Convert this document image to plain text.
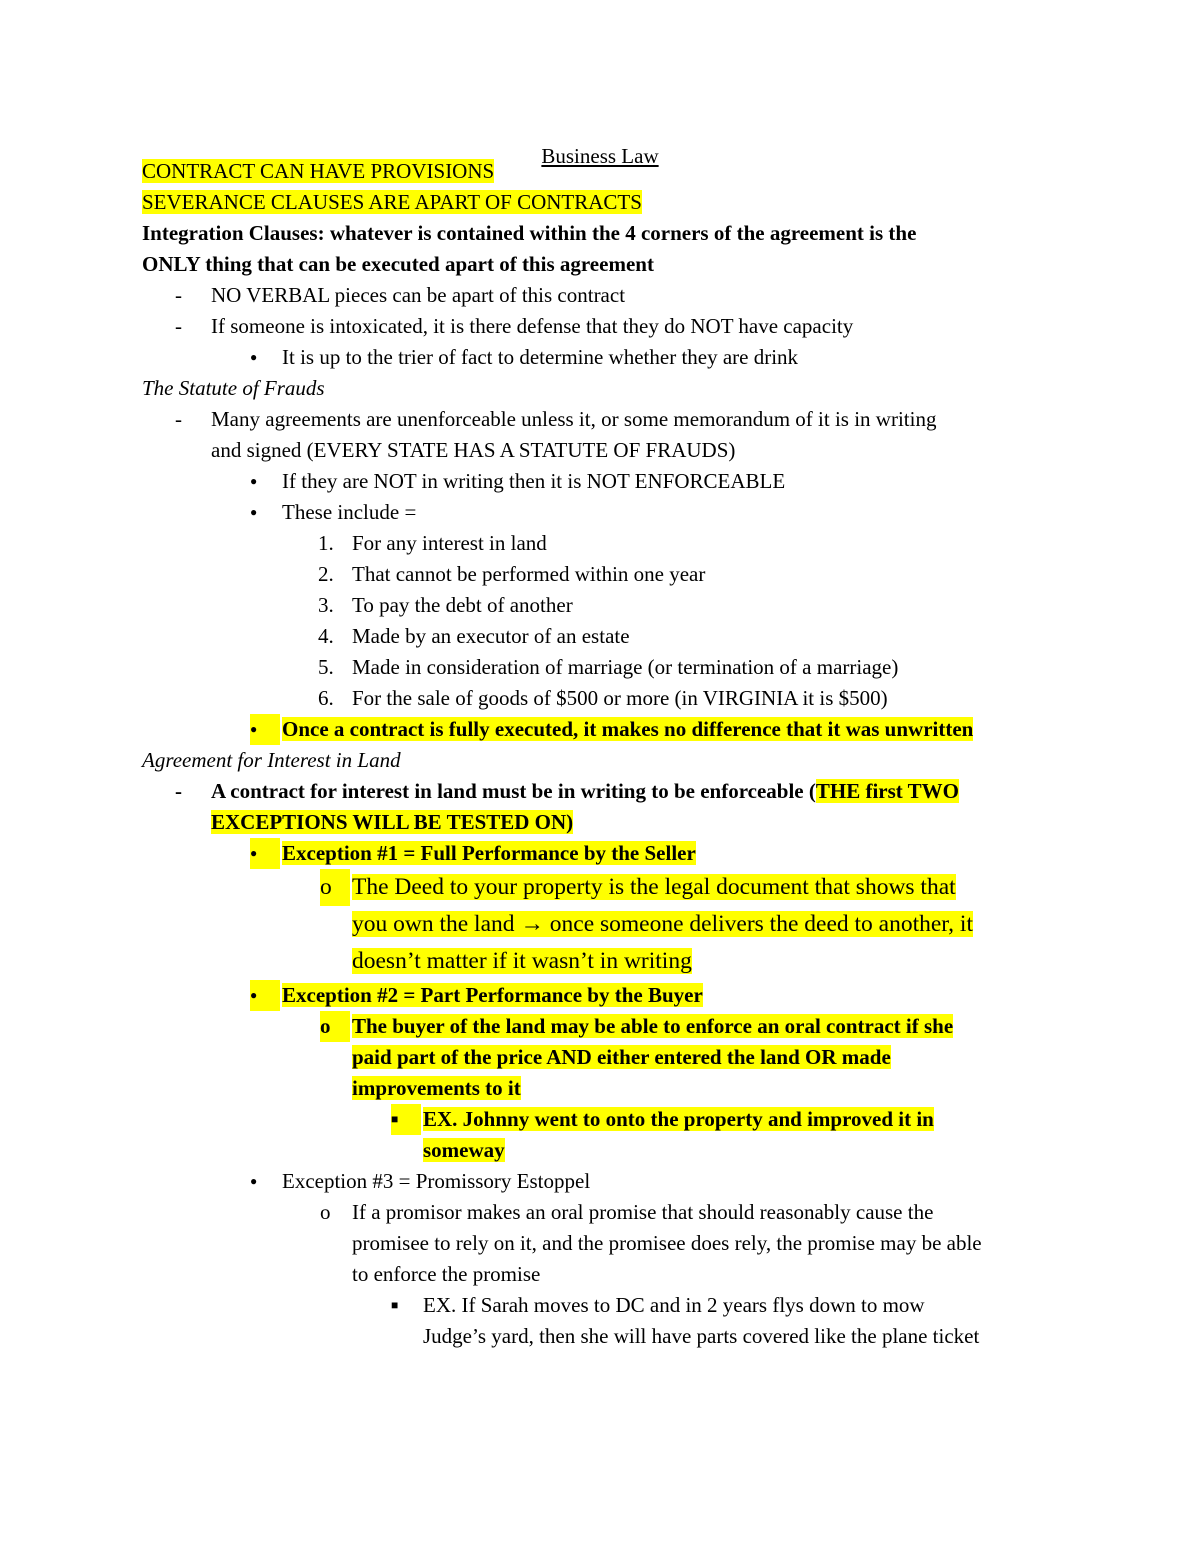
Business Law
CONTRACT CAN HAVE PROVISIONS
SEVERANCE CLAUSES ARE APART OF CONTRACTS
Integration Clauses: whatever is contained within the 4 corners of the agreement is the
ONLY thing that can be executed apart of this agreement
-
NO VERBAL pieces can be apart of this contract
-
If someone is intoxicated, it is there defense that they do NOT have capacity
●
It is up to the trier of fact to determine whether they are drink
The Statute of Frauds
-
Many agreements are unenforceable unless it, or some memorandum of it is in writing
and signed (EVERY STATE HAS A STATUTE OF FRAUDS)
●
If they are NOT in writing then it is NOT ENFORCEABLE
●
These include =
1. For any interest in land
2. That cannot be performed within one year
3. To pay the debt of another
4. Made by an executor of an estate
5. Made in consideration of marriage (or termination of a marriage)
6. For the sale of goods of $500 or more (in VIRGINIA it is $500)
●
Once a contract is fully executed, it makes no difference that it was unwritten
Agreement for Interest in Land
-
A contract for interest in land must be in writing to be enforceable (THE first TWO
EXCEPTIONS WILL BE TESTED ON)
●
Exception #1 = Full Performance by the Seller
o
The Deed to your property is the legal document that shows that
you own the land → once someone delivers the deed to another, it
doesn’t matter if it wasn’t in writing
●
Exception #2 = Part Performance by the Buyer
o
The buyer of the land may be able to enforce an oral contract if she
paid part of the price AND either entered the land OR made
improvements to it
■
EX. Johnny went to onto the property and improved it in
someway
●
Exception #3 = Promissory Estoppel
o
If a promisor makes an oral promise that should reasonably cause the
promisee to rely on it, and the promisee does rely, the promise may be able
to enforce the promise
■
EX. If Sarah moves to DC and in 2 years flys down to mow
Judge’s yard, then she will have parts covered like the plane ticket
